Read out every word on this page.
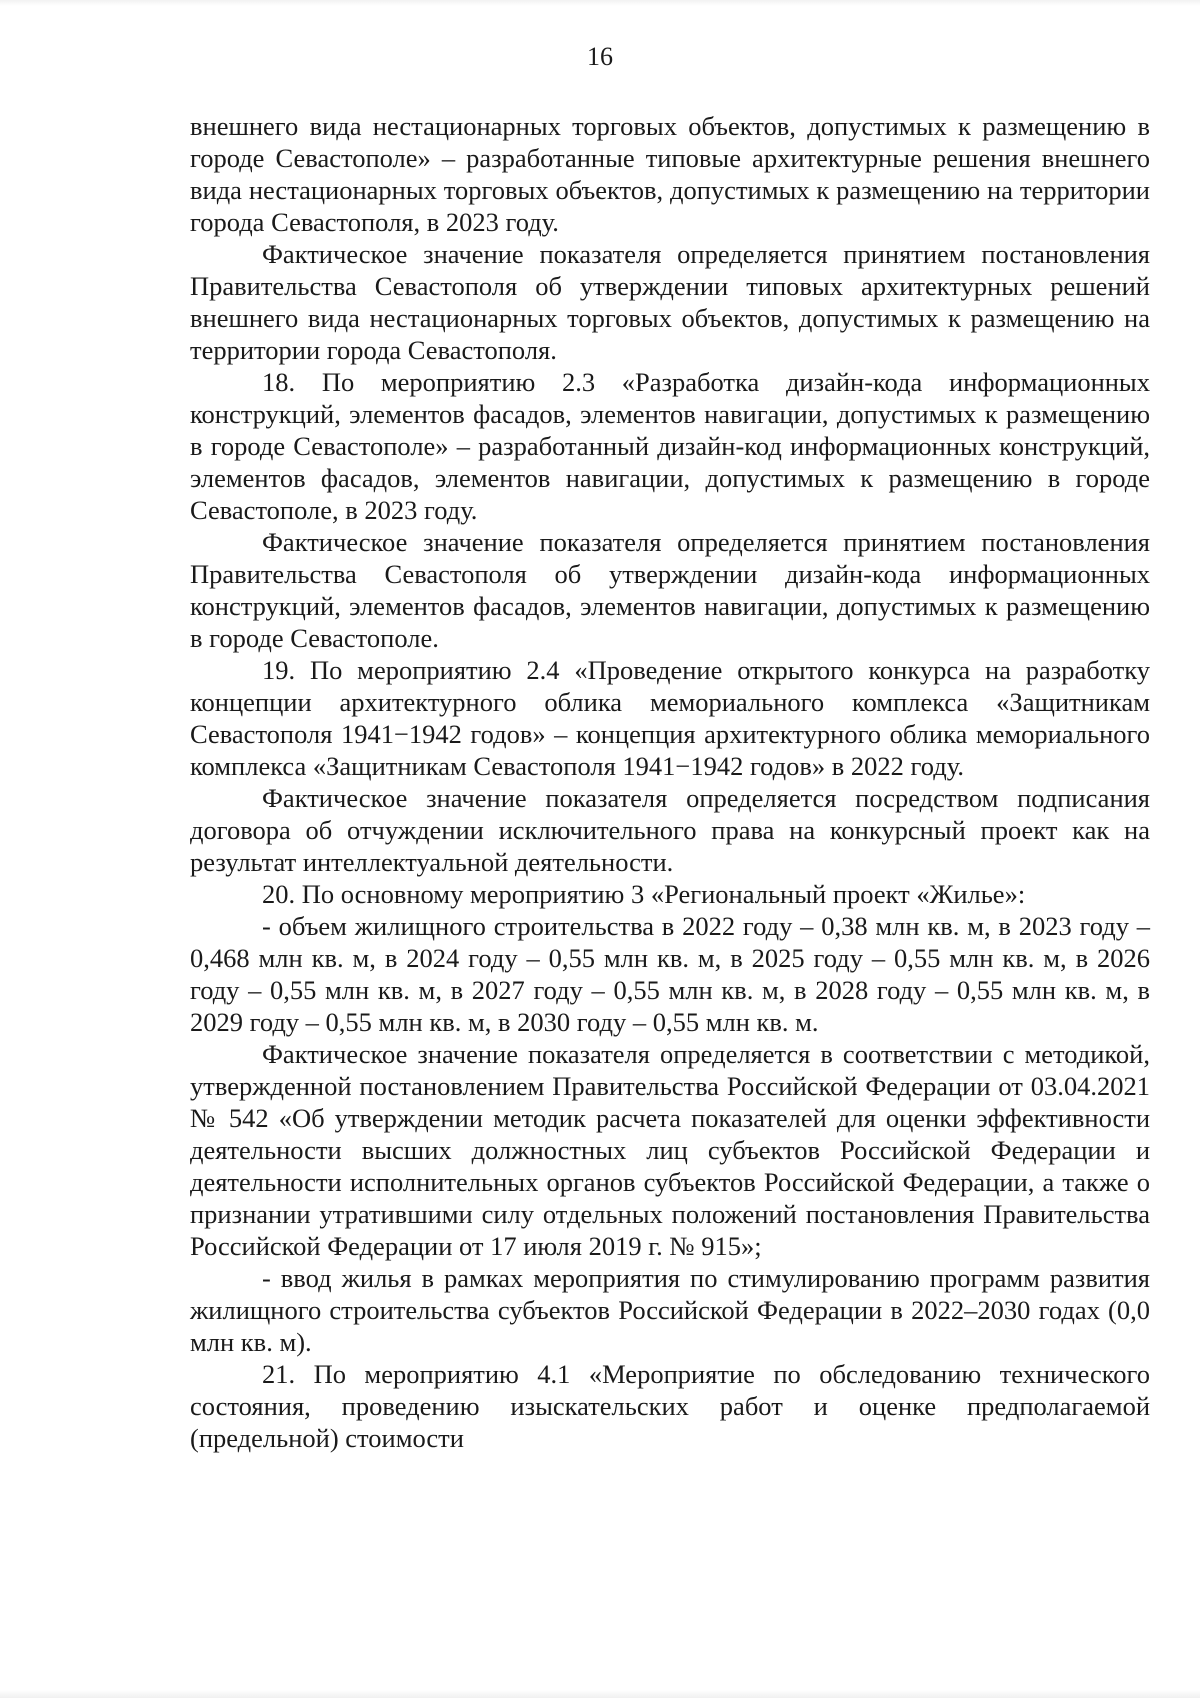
16

внешнего вида нестационарных торговых объектов, допустимых к размещению в городе Севастополе» – разработанные типовые архитектурные решения внешнего вида нестационарных торговых объектов, допустимых к размещению на территории города Севастополя, в 2023 году.

Фактическое значение показателя определяется принятием постановления Правительства Севастополя об утверждении типовых архитектурных решений внешнего вида нестационарных торговых объектов, допустимых к размещению на территории города Севастополя.

18. По мероприятию 2.3 «Разработка дизайн-кода информационных конструкций, элементов фасадов, элементов навигации, допустимых к размещению в городе Севастополе» – разработанный дизайн-код информационных конструкций, элементов фасадов, элементов навигации, допустимых к размещению в городе Севастополе, в 2023 году.

Фактическое значение показателя определяется принятием постановления Правительства Севастополя об утверждении дизайн-кода информационных конструкций, элементов фасадов, элементов навигации, допустимых к размещению в городе Севастополе.

19. По мероприятию 2.4 «Проведение открытого конкурса на разработку концепции архитектурного облика мемориального комплекса «Защитникам Севастополя 1941−1942 годов» – концепция архитектурного облика мемориального комплекса «Защитникам Севастополя 1941−1942 годов» в 2022 году.

Фактическое значение показателя определяется посредством подписания договора об отчуждении исключительного права на конкурсный проект как на результат интеллектуальной деятельности.

20. По основному мероприятию 3 «Региональный проект «Жилье»:

- объем жилищного строительства в 2022 году – 0,38 млн кв. м, в 2023 году – 0,468 млн кв. м, в 2024 году – 0,55 млн кв. м, в 2025 году – 0,55 млн кв. м, в 2026 году – 0,55 млн кв. м, в 2027 году – 0,55 млн кв. м, в 2028 году – 0,55 млн кв. м, в 2029 году – 0,55 млн кв. м, в 2030 году – 0,55 млн кв. м.

Фактическое значение показателя определяется в соответствии с методикой, утвержденной постановлением Правительства Российской Федерации от 03.04.2021 № 542 «Об утверждении методик расчета показателей для оценки эффективности деятельности высших должностных лиц субъектов Российской Федерации и деятельности исполнительных органов субъектов Российской Федерации, а также о признании утратившими силу отдельных положений постановления Правительства Российской Федерации от 17 июля 2019 г. № 915»;

- ввод жилья в рамках мероприятия по стимулированию программ развития жилищного строительства субъектов Российской Федерации в 2022–2030 годах (0,0 млн кв. м).

21. По мероприятию 4.1 «Мероприятие по обследованию технического состояния, проведению изыскательских работ и оценке предполагаемой (предельной) стоимости
